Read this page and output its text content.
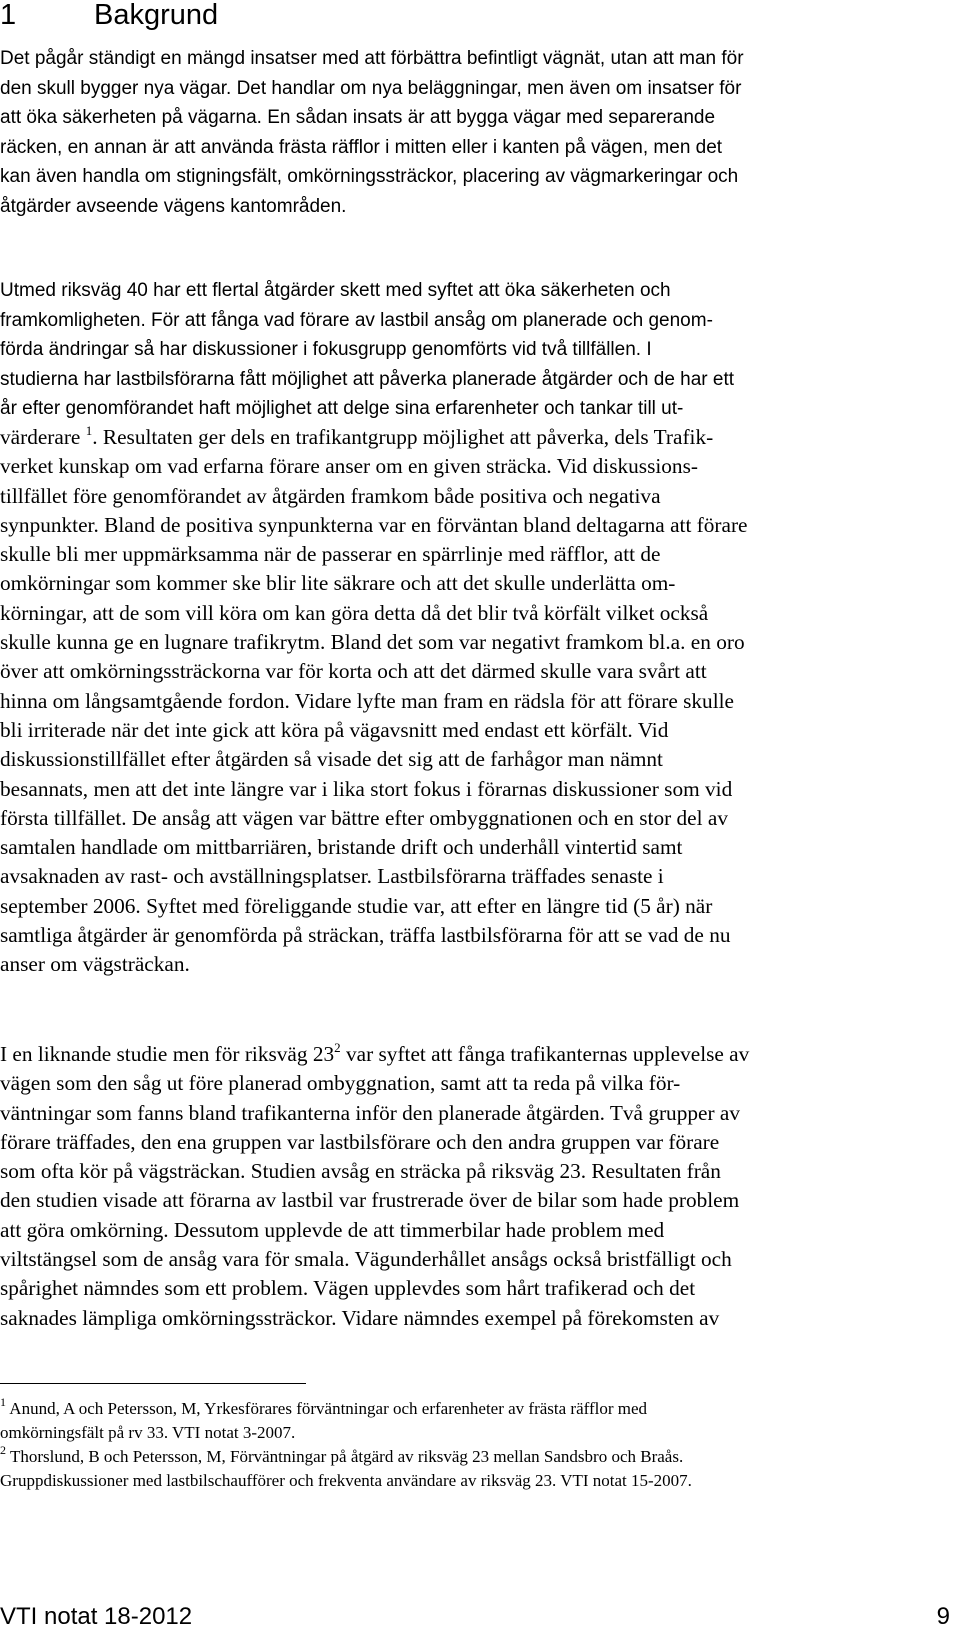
1	Bakgrund
Det pågår ständigt en mängd insatser med att förbättra befintligt vägnät, utan att man för
den skull bygger nya vägar. Det handlar om nya beläggningar, men även om insatser för
att öka säkerheten på vägarna. En sådan insats är att bygga vägar med separerande
räcken, en annan är att använda frästa räfflor i mitten eller i kanten på vägen, men det
kan även handla om stigningsfält, omkörningssträckor, placering av vägmarkeringar och
åtgärder avseende vägens kantområden.
Utmed riksväg 40 har ett flertal åtgärder skett med syftet att öka säkerheten och
framkomligheten. För att fånga vad förare av lastbil ansåg om planerade och genom-
förda ändringar så har diskussioner i fokusgrupp genomförts vid två tillfällen. I
studierna har lastbilsförarna fått möjlighet att påverka planerade åtgärder och de har ett
år efter genomförandet haft möjlighet att delge sina erfarenheter och tankar till ut-
värderare $^1$. Resultaten ger dels en trafikantgrupp möjlighet att påverka, dels Trafik-
verket kunskap om vad erfarna förare anser om en given sträcka. Vid diskussions-
tillfället före genomförandet av åtgärden framkom både positiva och negativa
synpunkter. Bland de positiva synpunkterna var en förväntan bland deltagarna att förare
skulle bli mer uppmärksamma när de passerar en spärrlinje med räfflor, att de
omkörningar som kommer ske blir lite säkrare och att det skulle underlätta om-
körningar, att de som vill köra om kan göra detta då det blir två körfält vilket också
skulle kunna ge en lugnare trafikrytm. Bland det som var negativt framkom bl.a. en oro
över att omkörningssträckorna var för korta och att det därmed skulle vara svårt att
hinna om långsamtgående fordon. Vidare lyfte man fram en rädsla för att förare skulle
bli irriterade när det inte gick att köra på vägavsnitt med endast ett körfält. Vid
diskussionstillfället efter åtgärden så visade det sig att de farhågor man nämnt
besannats, men att det inte längre var i lika stort fokus i förarnas diskussioner som vid
första tillfället. De ansåg att vägen var bättre efter ombyggnationen och en stor del av
samtalen handlade om mittbarriären, bristande drift och underhåll vintertid samt
avsaknaden av rast- och avställningsplatser. Lastbilsförarna träffades senaste i
september 2006. Syftet med föreliggande studie var, att efter en längre tid (5 år) när
samtliga åtgärder är genomförda på sträckan, träffa lastbilsförarna för att se vad de nu
anser om vägsträckan.
I en liknande studie men för riksväg $23^2$ var syftet att fånga trafikanternas upplevelse av
vägen som den såg ut före planerad ombyggnation, samt att ta reda på vilka för-
väntningar som fanns bland trafikanterna inför den planerade åtgärden. Två grupper av
förare träffades, den ena gruppen var lastbilsförare och den andra gruppen var förare
som ofta kör på vägsträckan. Studien avsåg en sträcka på riksväg 23. Resultaten från
den studien visade att förarna av lastbil var frustrerade över de bilar som hade problem
att göra omkörning. Dessutom upplevde de att timmerbilar hade problem med
viltstängsel som de ansåg vara för smala. Vägunderhållet ansågs också bristfälligt och
spårighet nämndes som ett problem. Vägen upplevdes som hårt trafikerad och det
saknades lämpliga omkörningssträckor. Vidare nämndes exempel på förekomsten av
$^1$ Anund, A och Petersson, M, Yrkesförares förväntningar och erfarenheter av frästa räfflor med
omkörningsfält på rv 33. VTI notat 3-2007.
$^2$ Thorslund, B och Petersson, M, Förväntningar på åtgärd av riksväg 23 mellan Sandsbro och Braås.
Gruppdiskussioner med lastbilschaufförer och frekventa användare av riksväg 23. VTI notat 15-2007.
VTI notat 18-2012	9
